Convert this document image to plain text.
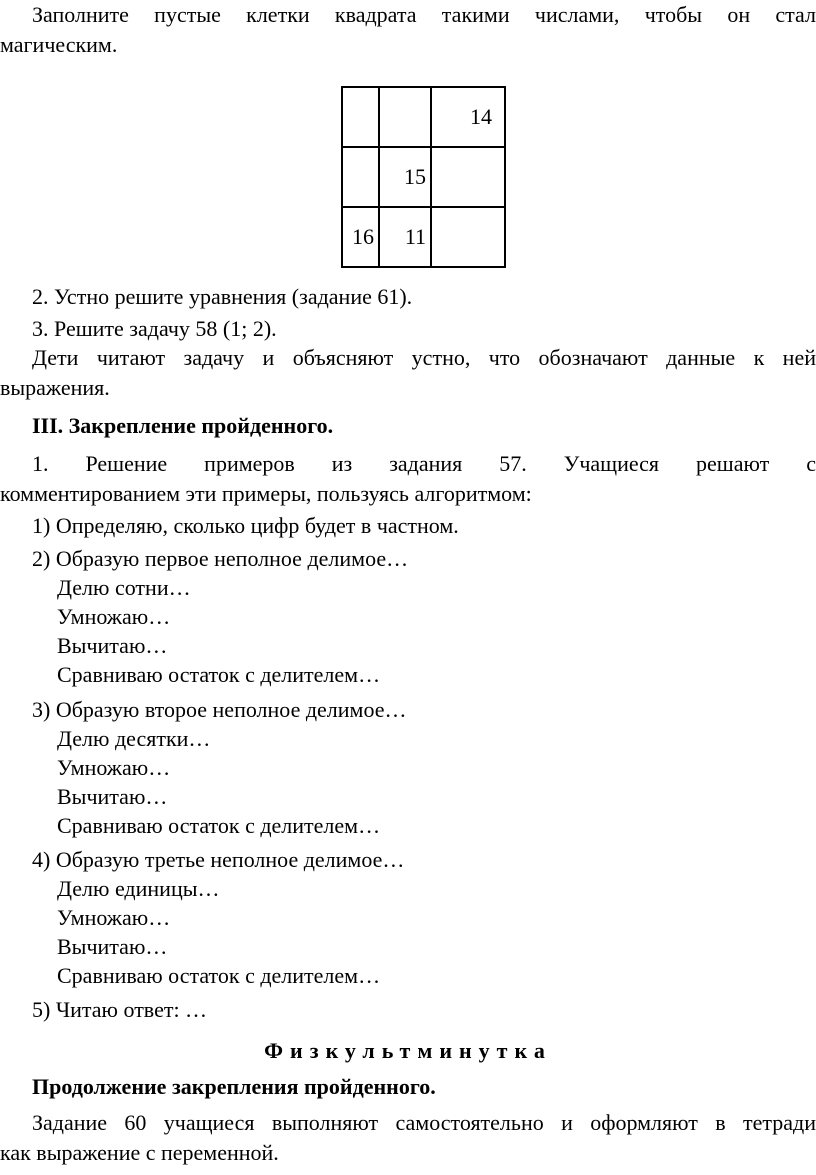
Заполните пустые клетки квадрата такими числами, чтобы он стал
магическим.
		14
	15	
16	11	
2. Устно решите уравнения (задание 61).
3. Решите задачу 58 (1; 2).
Дети читают задачу и объясняют устно, что обозначают данные к ней
выражения.
III. Закрепление пройденного.
1. Решение примеров из задания 57. Учащиеся решают с
комментированием эти примеры, пользуясь алгоритмом:
1) Определяю, сколько цифр будет в частном.
2) Образую первое неполное делимое…
Делю сотни…
Умножаю…
Вычитаю…
Сравниваю остаток с делителем…
3) Образую второе неполное делимое…
Делю десятки…
Умножаю…
Вычитаю…
Сравниваю остаток с делителем…
4) Образую третье неполное делимое…
Делю единицы…
Умножаю…
Вычитаю…
Сравниваю остаток с делителем…
5) Читаю ответ: …
Физкультминутка
Продолжение закрепления пройденного.
Задание 60 учащиеся выполняют самостоятельно и оформляют в тетради
как выражение с переменной.
